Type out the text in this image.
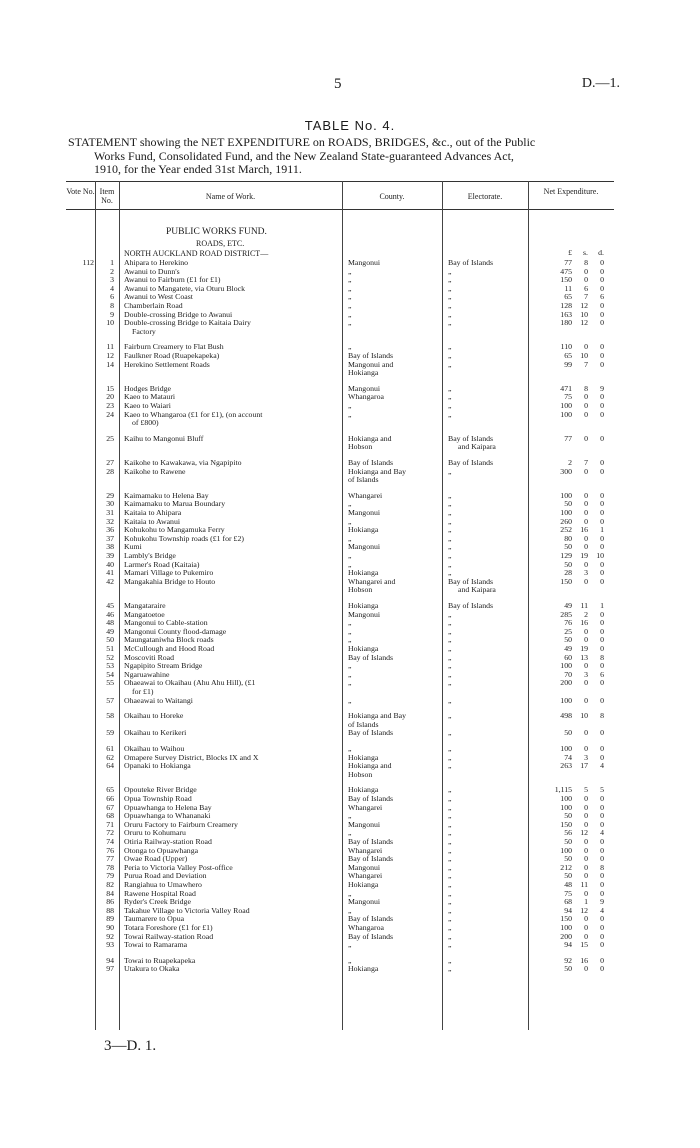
5	D.—1.
TABLE No. 4.
STATEMENT showing the NET EXPENDITURE on ROADS, BRIDGES, &c., out of the Public
Works Fund, Consolidated Fund, and the New Zealand State-guaranteed Advances Act,
1910, for the Year ended 31st March, 1911.
Vote No. Item No.	Name of Work.	County.	Electorate.
Net Expenditure.
PUBLIC WORKS FUND.
ROADS, ETC.
NORTH AUCKLAND ROAD DISTRICT—	£	s.	d.
112	1 Ahipara to Herekino	Mangonui	Bay of Islands	77	8	0
2 Awanui to Dunn's	„	„	475	0	0
3 Awanui to Fairburn (£1 for £1)	„	„	150	0	0
4 Awanui to Mangatete, via Oturu Block	„	„	11	6	0
6 Awanui to West Coast	„	„	65	7	6
8 Chamberlain Road	„	„	128	12	0
9 Double-crossing Bridge to Awanui	„	„	163	10	0
10 Double-crossing Bridge to Kaitaia Dairy	„	„	180	12	0
Factory
11 Fairburn Creamery to Flat Bush	„	„	110	0	0
12 Faulkner Road (Ruapekapeka)	Bay of Islands	„	65	10	0
14 Herekino Settlement Roads	Mangonui and	„	99	7	0
Hokianga
15 Hodges Bridge	Mangonui	„	471	8	9
20 Kaeo to Matauri	Whangaroa	„	75	0	0
23 Kaeo to Waiari	„	„	100	0	0
24 Kaeo to Whangaroa (£1 for £1), (on account	„	„	100	0	0
of £800)
25 Kaihu to Mangonui Bluff	Hokianga and	Bay of Islands	77	0	0
Hobson	and Kaipara
27 Kaikohe to Kawakawa, via Ngapipito	Bay of Islands	Bay of Islands	2	7	0
28 Kaikohe to Rawene	Hokianga and Bay	„	300	0	0
of Islands
29 Kaimamaku to Helena Bay	Whangarei	„	100	0	0
30 Kaimamaku to Marua Boundary	„	„	50	0	0
31 Kaitaia to Ahipara	Mangonui	„	100	0	0
32 Kaitaia to Awanui	„	„	260	0	0
36 Kohukohu to Mangamuka Ferry	Hokianga	„	252	16	1
37 Kohukohu Township roads (£1 for £2)	„	„	80	0	0
38 Kumi	Mangonui	„	50	0	0
39 Lambly's Bridge	„	„	129	19	10
40 Larmer's Road (Kaitaia)	„	„	50	0	0
41 Mamari Village to Pukemiro	Hokianga	„	28	3	0
42 Mangakahia Bridge to Houto	Whangarei and	Bay of Islands	150	0	0
Hobson	and Kaipara
45 Mangataraire	Hokianga	Bay of Islands	49	11	1
46 Mangatoetoe	Mangonui	„	285	2	0
48 Mangonui to Cable-station	„	„	76	16	0
49 Mangonui County flood-damage	„	„	25	0	0
50 Maungataniwha Block roads	„	„	50	0	0
51 McCullough and Hood Road	Hokianga	„	49	19	0
52 Moscoviti Road	Bay of Islands	„	60	13	8
53 Ngapipito Stream Bridge	„	„	100	0	0
54 Ngaruawahine	„	„	70	3	6
55 Ohaeawai to Okaihau (Ahu Ahu Hill), (£1	„	„	200	0	0
for £1)
57 Ohaeawai to Waitangi	„	„	100	0	0
58 Okaihau to Horeke	Hokianga and Bay	„	498	10	8
of Islands
59 Okaihau to Kerikeri	Bay of Islands	„	50	0	0
61 Okaihau to Waihou	„	„	100	0	0
62 Omapere Survey District, Blocks IX and X	Hokianga	„	74	3	0
64 Opanaki to Hokianga	Hokianga and	„	263	17	4
Hobson
65 Opouteke River Bridge	Hokianga	„	1,115	5	5
66 Opua Township Road	Bay of Islands	„	100	0	0
67 Opuawhanga to Helena Bay	Whangarei	„	100	0	0
68 Opuawhanga to Whananaki	„	„	50	0	0
71 Oruru Factory to Fairburn Creamery	Mangonui	„	150	0	0
72 Oruru to Kohumaru	„	„	56	12	4
74 Otiria Railway-station Road	Bay of Islands	„	50	0	0
76 Otonga to Opuawhanga	Whangarei	„	100	0	0
77 Owae Road (Upper)	Bay of Islands	„	50	0	0
78 Peria to Victoria Valley Post-office	Mangonui	„	212	0	8
79 Purua Road and Deviation	Whangarei	„	50	0	0
82 Rangiahua to Umawhero	Hokianga	„	48	11	0
84 Rawene Hospital Road	„	„	75	0	0
86 Ryder's Creek Bridge	Mangonui	„	68	1	9
88 Takahue Village to Victoria Valley Road	„	„	94	12	4
89 Taumarere to Opua	Bay of Islands	„	150	0	0
90 Totara Foreshore (£1 for £1)	Whangaroa	„	100	0	0
92 Towai Railway-station Road	Bay of Islands	„	200	0	0
93 Towai to Ramarama	„	„	94	15	0
94 Towai to Ruapekapeka	„	„	92	16	0
97 Utakura to Okaka	Hokianga	„	50	0	0
3—D. 1.
